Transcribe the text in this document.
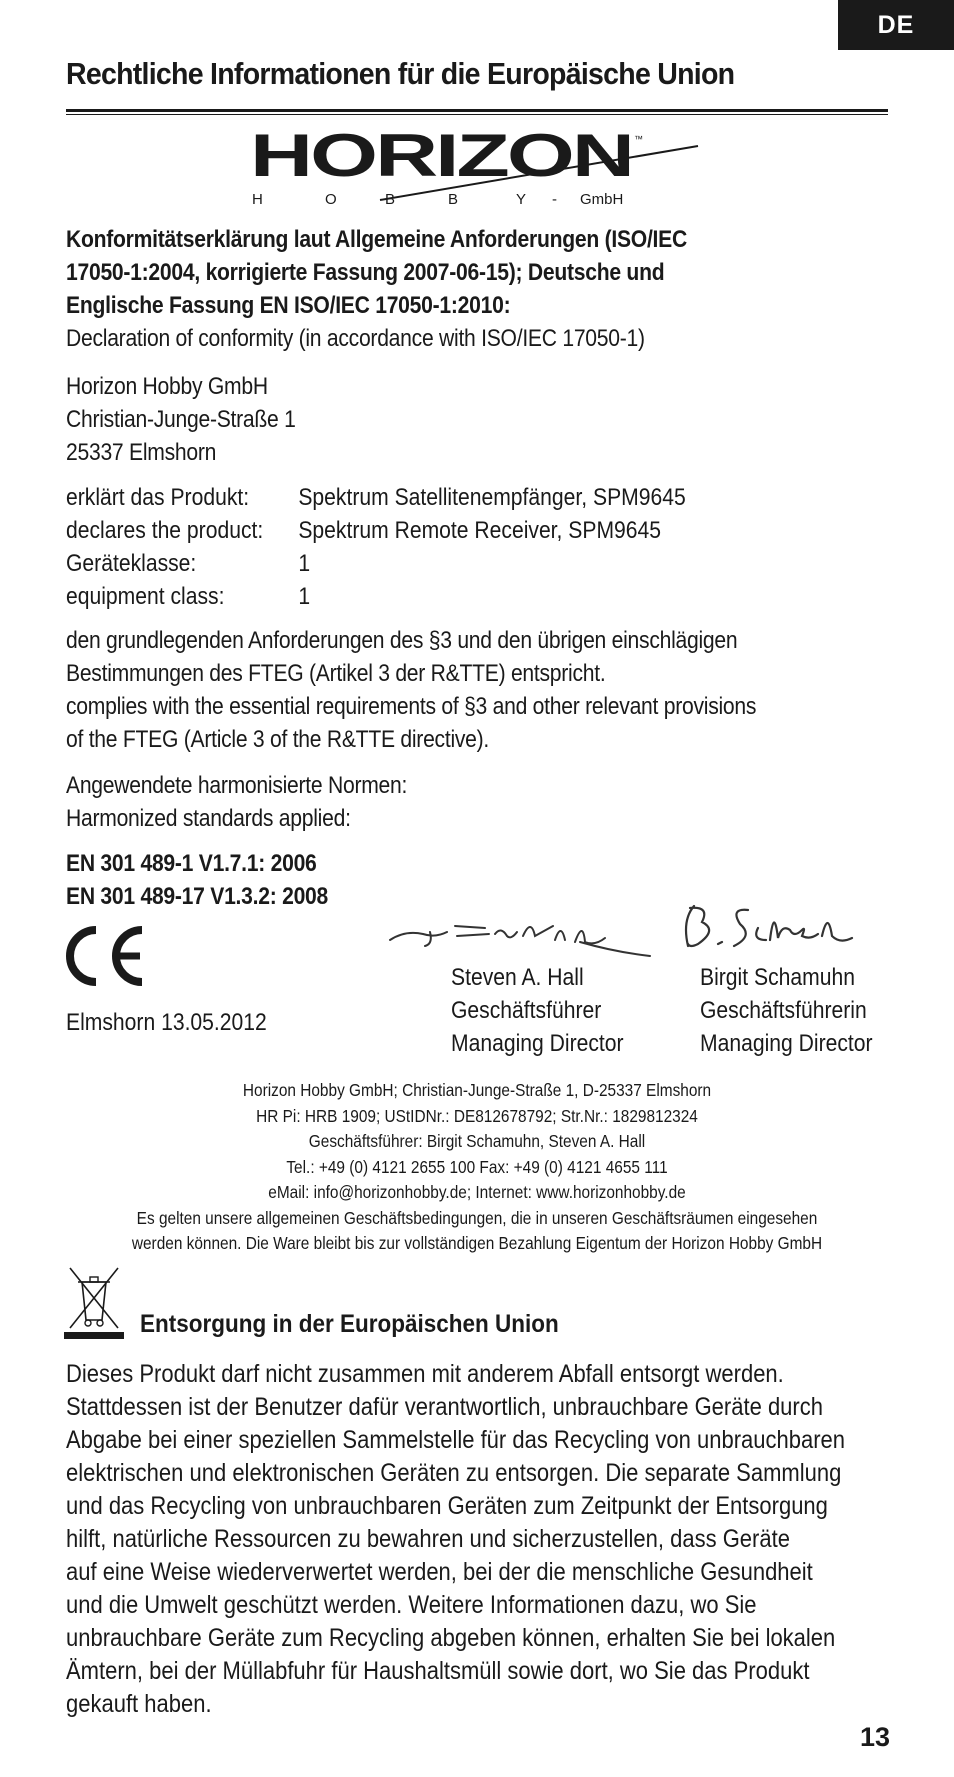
DE
Rechtliche Informationen für die Europäische Union
HORIZON ™
H	O	B	B	Y - GmbH
Konformitätserklärung laut Allgemeine Anforderungen (ISO/IEC
17050-1:2004, korrigierte Fassung 2007-06-15); Deutsche und
Englische Fassung EN ISO/IEC 17050-1:2010:
Declaration of conformity (in accordance with ISO/IEC 17050-1)
Horizon Hobby GmbH
Christian-Junge-Straße 1
25337 Elmshorn
erklärt das Produkt:	Spektrum Satellitenempfänger, SPM9645
declares the product:	Spektrum Remote Receiver, SPM9645
Geräteklasse:	1
equipment class:	1
den grundlegenden Anforderungen des §3 und den übrigen einschlägigen
Bestimmungen des FTEG (Artikel 3 der R&TTE) entspricht.
complies with the essential requirements of §3 and other relevant provisions
of the FTEG (Article 3 of the R&TTE directive).
Angewendete harmonisierte Normen:
Harmonized standards applied:
EN 301 489-1 V1.7.1: 2006
EN 301 489-17 V1.3.2: 2008
Elmshorn 13.05.2012
Steven A. Hall
Geschäftsführer
Managing Director
Birgit Schamuhn
Geschäftsführerin
Managing Director
Horizon Hobby GmbH; Christian-Junge-Straße 1, D-25337 Elmshorn
HR Pi: HRB 1909; UStIDNr.: DE812678792; Str.Nr.: 1829812324
Geschäftsführer: Birgit Schamuhn, Steven A. Hall
Tel.: +49 (0) 4121 2655 100 Fax: +49 (0) 4121 4655 111
eMail: info@horizonhobby.de; Internet: www.horizonhobby.de
Es gelten unsere allgemeinen Geschäftsbedingungen, die in unseren Geschäftsräumen eingesehen
werden können. Die Ware bleibt bis zur vollständigen Bezahlung Eigentum der Horizon Hobby GmbH
Entsorgung in der Europäischen Union
Dieses Produkt darf nicht zusammen mit anderem Abfall entsorgt werden.
Stattdessen ist der Benutzer dafür verantwortlich, unbrauchbare Geräte durch
Abgabe bei einer speziellen Sammelstelle für das Recycling von unbrauchbaren
elektrischen und elektronischen Geräten zu entsorgen. Die separate Sammlung
und das Recycling von unbrauchbaren Geräten zum Zeitpunkt der Entsorgung
hilft, natürliche Ressourcen zu bewahren und sicherzustellen, dass Geräte
auf eine Weise wiederverwertet werden, bei der die menschliche Gesundheit
und die Umwelt geschützt werden. Weitere Informationen dazu, wo Sie
unbrauchbare Geräte zum Recycling abgeben können, erhalten Sie bei lokalen
Ämtern, bei der Müllabfuhr für Haushaltsmüll sowie dort, wo Sie das Produkt
gekauft haben.
13
